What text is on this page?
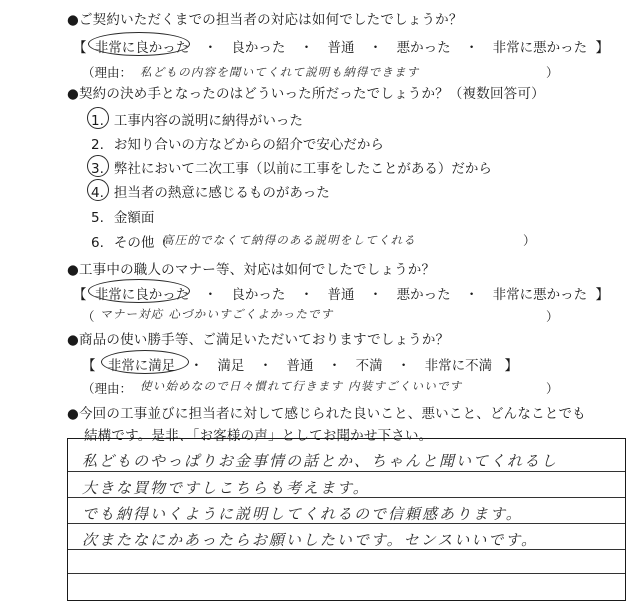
●ご契約いただくまでの担当者の対応は如何でしたでしょうか？
【 非常に良かった ・ 良かった ・ 普通 ・ 悪かった ・ 非常に悪かった 】
（理由： 私どもの内容を聞いてくれて説明も納得できます	）
●契約の決め手となったのはどういった所だったでしょうか？（複数回答可）
1. 工事内容の説明に納得がいった
2. お知り合いの方などからの紹介で安心だから
3. 弊社において二次工事（以前に工事をしたことがある）だから
4. 担当者の熱意に感じるものがあった
5. 金額面
6. その他（
高圧的でなくて納得のある説明をしてくれる	）
●工事中の職人のマナー等、対応は如何でしたでしょうか？
【 非常に良かった ・ 良かった ・ 普通 ・ 悪かった ・ 非常に悪かった 】
（ マナー対応 心づかいすごくよかったです	）
●商品の使い勝手等、ご満足いただいておりますでしょうか？
【 非常に満足 ・ 満足 ・ 普通 ・ 不満 ・ 非常に不満 】
（理由： 使い始めなので日々慣れて行きます 内装すごくいいです	）
●今回の工事並びに担当者に対して感じられた良いこと、悪いこと、どんなことでも
結構です。是非、「お客様の声」としてお聞かせ下さい。
私どものやっぱりお金事情の話とか、ちゃんと聞いてくれるし
大きな買物ですしこちらも考えます。
でも納得いくように説明してくれるので信頼感あります。
次またなにかあったらお願いしたいです。センスいいです。
